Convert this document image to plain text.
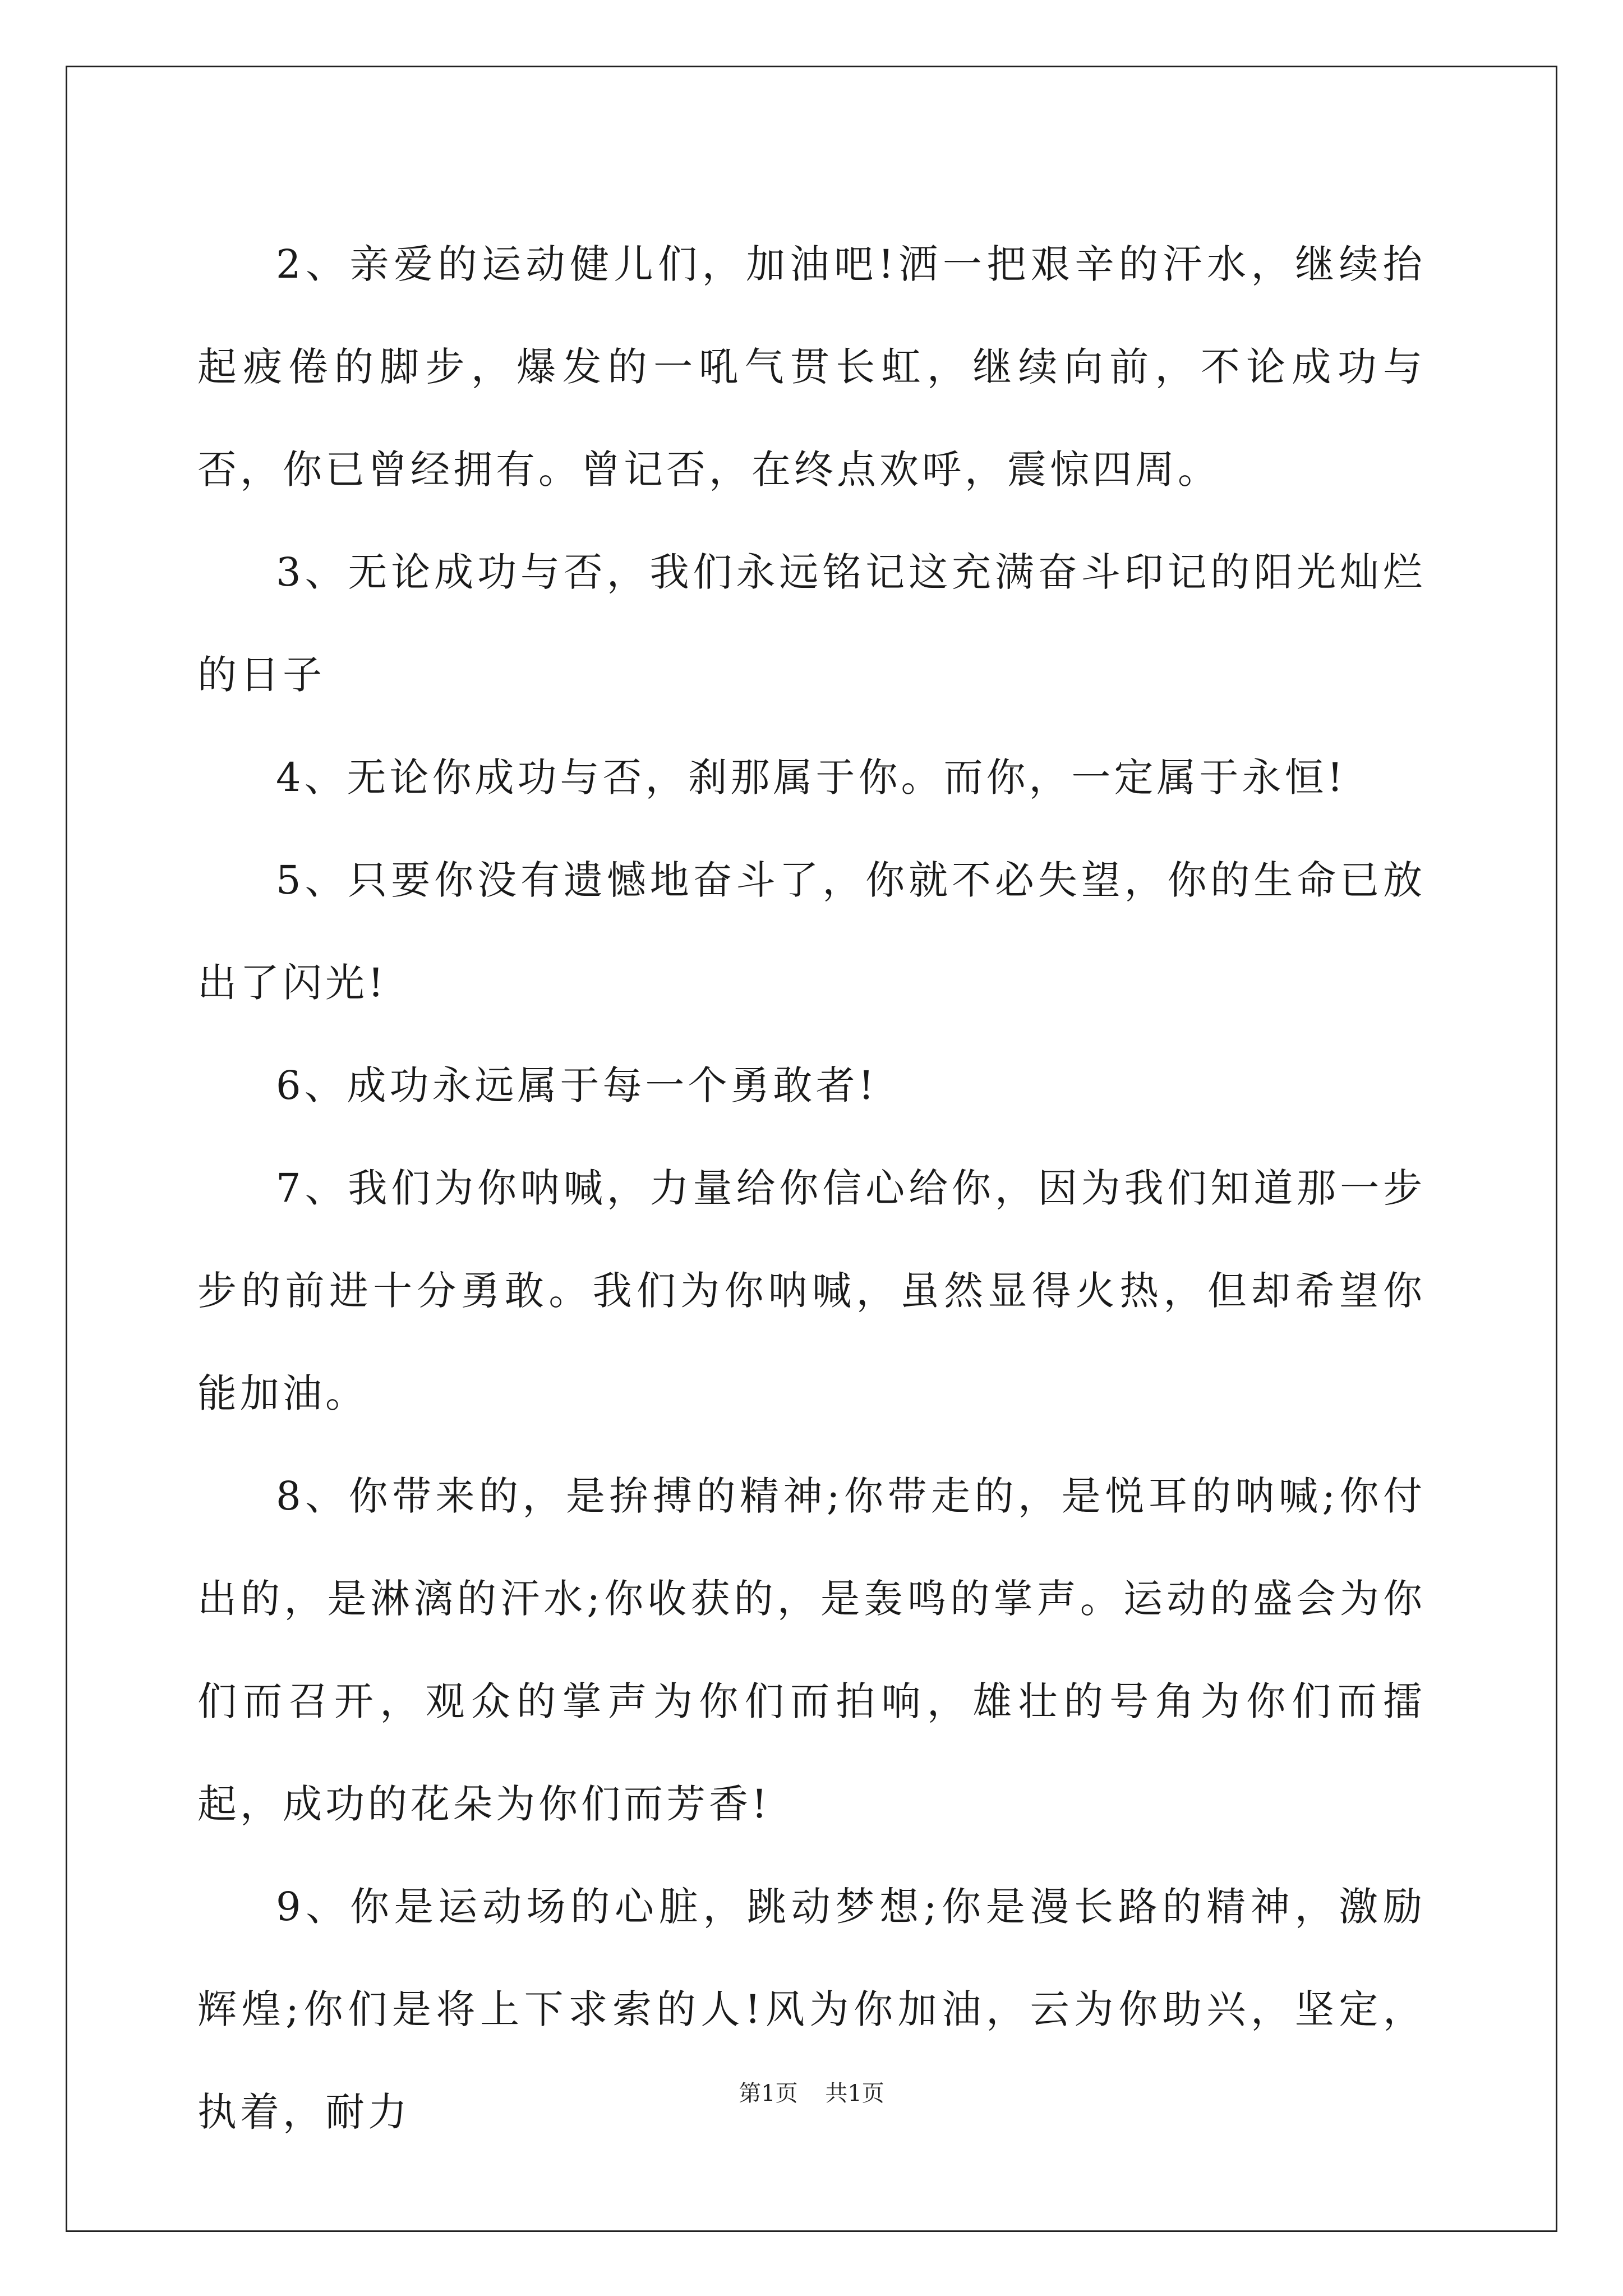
2、亲爱的运动健儿们，加油吧!洒一把艰辛的汗水，继续抬起疲倦的脚步，爆发的一吼气贯长虹，继续向前，不论成功与否，你已曾经拥有。曾记否，在终点欢呼，震惊四周。

3、无论成功与否，我们永远铭记这充满奋斗印记的阳光灿烂的日子

4、无论你成功与否，刹那属于你。而你，一定属于永恒!

5、只要你没有遗憾地奋斗了，你就不必失望，你的生命已放出了闪光!

6、成功永远属于每一个勇敢者!

7、我们为你呐喊，力量给你信心给你，因为我们知道那一步步的前进十分勇敢。我们为你呐喊，虽然显得火热，但却希望你能加油。

8、你带来的，是拚搏的精神;你带走的，是悦耳的呐喊;你付出的，是淋漓的汗水;你收获的，是轰鸣的掌声。运动的盛会为你们而召开，观众的掌声为你们而拍响，雄壮的号角为你们而擂起，成功的花朵为你们而芳香!

9、你是运动场的心脏，跳动梦想;你是漫长路的精神，激励辉煌;你们是将上下求索的人!风为你加油，云为你助兴，坚定，执着，耐力	第1页 共1页
